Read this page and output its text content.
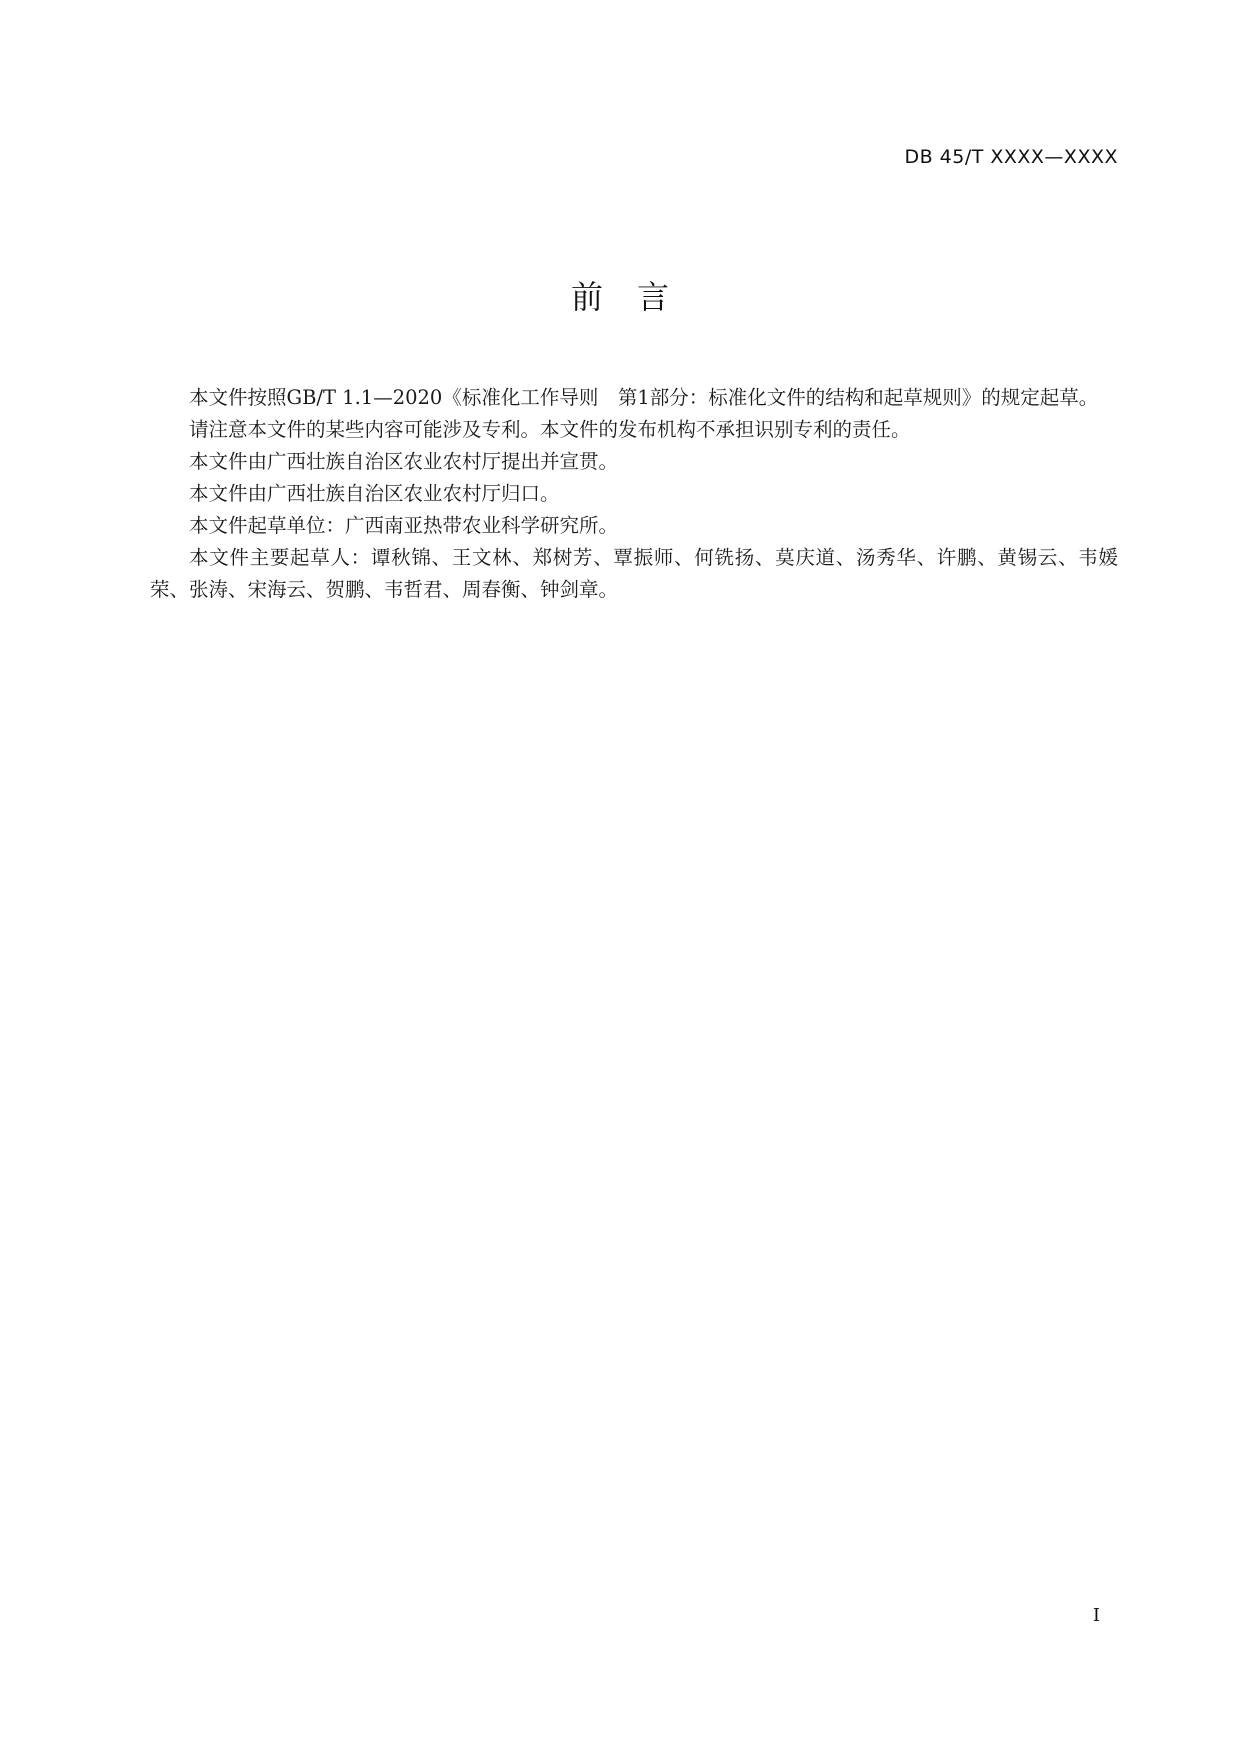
DB 45/T XXXX—XXXX
前 言

本文件按照GB/T 1.1—2020《标准化工作导则　第1部分：标准化文件的结构和起草规则》的规定起草。

请注意本文件的某些内容可能涉及专利。本文件的发布机构不承担识别专利的责任。

本文件由广西壮族自治区农业农村厅提出并宣贯。

本文件由广西壮族自治区农业农村厅归口。

本文件起草单位：广西南亚热带农业科学研究所。

本文件主要起草人：谭秋锦、王文林、郑树芳、覃振师、何铣扬、莫庆道、汤秀华、许鹏、黄锡云、韦媛荣、张涛、宋海云、贺鹏、韦哲君、周春衡、钟剑章。

I
